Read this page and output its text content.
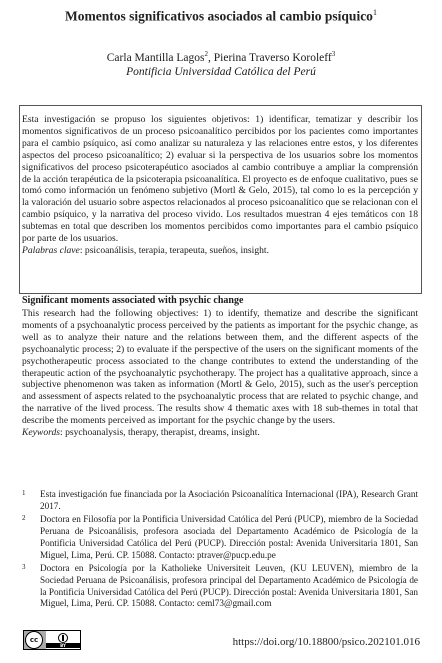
Momentos significativos asociados al cambio psíquico$^1$
Carla Mantilla Lagos$^2$, Pierina Traverso Koroleff$^3$
Pontificia Universidad Católica del Perú
Esta investigación se propuso los siguientes objetivos: 1) identificar, tematizar y describir los momentos significativos de un proceso psicoanalítico percibidos por los pacientes como importantes para el cambio psíquico, así como analizar su naturaleza y las relaciones entre estos, y los diferentes aspectos del proceso psicoanalítico; 2) evaluar si la perspectiva de los usuarios sobre los momentos significativos del proceso psicoterapéutico asociados al cambio contribuye a ampliar la comprensión de la acción terapéutica de la psicoterapia psicoanalítica. El proyecto es de enfoque cualitativo, pues se tomó como información un fenómeno subjetivo (Mortl & Gelo, 2015), tal como lo es la percepción y la valoración del usuario sobre aspectos relacionados al proceso psicoanalítico que se relacionan con el cambio psíquico, y la narrativa del proceso vivido. Los resultados muestran 4 ejes temáticos con 18 subtemas en total que describen los momentos percibidos como importantes para el cambio psíquico por parte de los usuarios.
Palabras clave: psicoanálisis, terapia, terapeuta, sueños, insight.
Significant moments associated with psychic change
This research had the following objectives: 1) to identify, thematize and describe the significant moments of a psychoanalytic process perceived by the patients as important for the psychic change, as well as to analyze their nature and the relations between them, and the different aspects of the psychoanalytic process; 2) to evaluate if the perspective of the users on the significant moments of the psychotherapeutic process associated to the change contributes to extend the understanding of the therapeutic action of the psychoanalytic psychotherapy. The project has a qualitative approach, since a subjective phenomenon was taken as information (Mortl & Gelo, 2015), such as the user's perception and assessment of aspects related to the psychoanalytic process that are related to psychic change, and the narrative of the lived process. The results show 4 thematic axes with 18 sub-themes in total that describe the moments perceived as important for the psychic change by the users.
Keywords: psychoanalysis, therapy, therapist, dreams, insight.
1	Esta investigación fue financiada por la Asociación Psicoanalítica Internacional (IPA), Research Grant 2017.
2	Doctora en Filosofía por la Pontificia Universidad Católica del Perú (PUCP), miembro de la Sociedad Peruana de Psicoanálisis, profesora asociada del Departamento Académico de Psicología de la Pontificia Universidad Católica del Perú (PUCP). Dirección postal: Avenida Universitaria 1801, San Miguel, Lima, Perú. CP. 15088. Contacto: ptraver@pucp.edu.pe
3	Doctora en Psicología por la Katholieke Universiteit Leuven, (KU LEUVEN), miembro de la Sociedad Peruana de Psicoanálisis, profesora principal del Departamento Académico de Psicología de la Pontificia Universidad Católica del Perú (PUCP). Dirección postal: Avenida Universitaria 1801, San Miguel, Lima, Perú. CP. 15088. Contacto: ceml73@gmail.com
cc
BY	https://doi.org/10.18800/psico.202101.016
